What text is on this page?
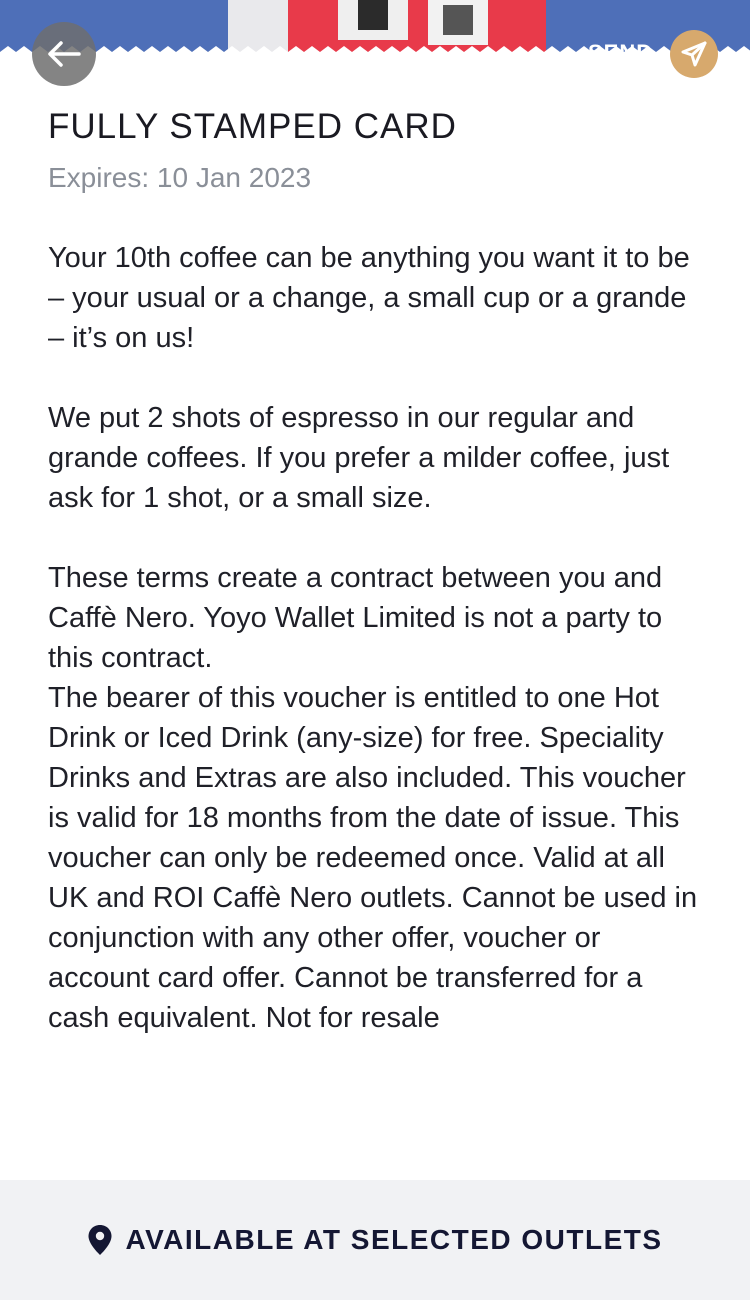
SEND
FULLY STAMPED CARD
Expires: 10 Jan 2023

Your 10th coffee can be anything you want it to be – your usual or a change, a small cup or a grande – it’s on us!

We put 2 shots of espresso in our regular and grande coffees. If you prefer a milder coffee, just ask for 1 shot, or a small size.

These terms create a contract between you and Caffè Nero. Yoyo Wallet Limited is not a party to this contract.

The bearer of this voucher is entitled to one Hot Drink or Iced Drink (any-size) for free. Speciality Drinks and Extras are also included. This voucher is valid for 18 months from the date of issue. This voucher can only be redeemed once. Valid at all UK and ROI Caffè Nero outlets. Cannot be used in conjunction with any other offer, voucher or account card offer. Cannot be transferred for a cash equivalent. Not for resale

AVAILABLE AT SELECTED OUTLETS
